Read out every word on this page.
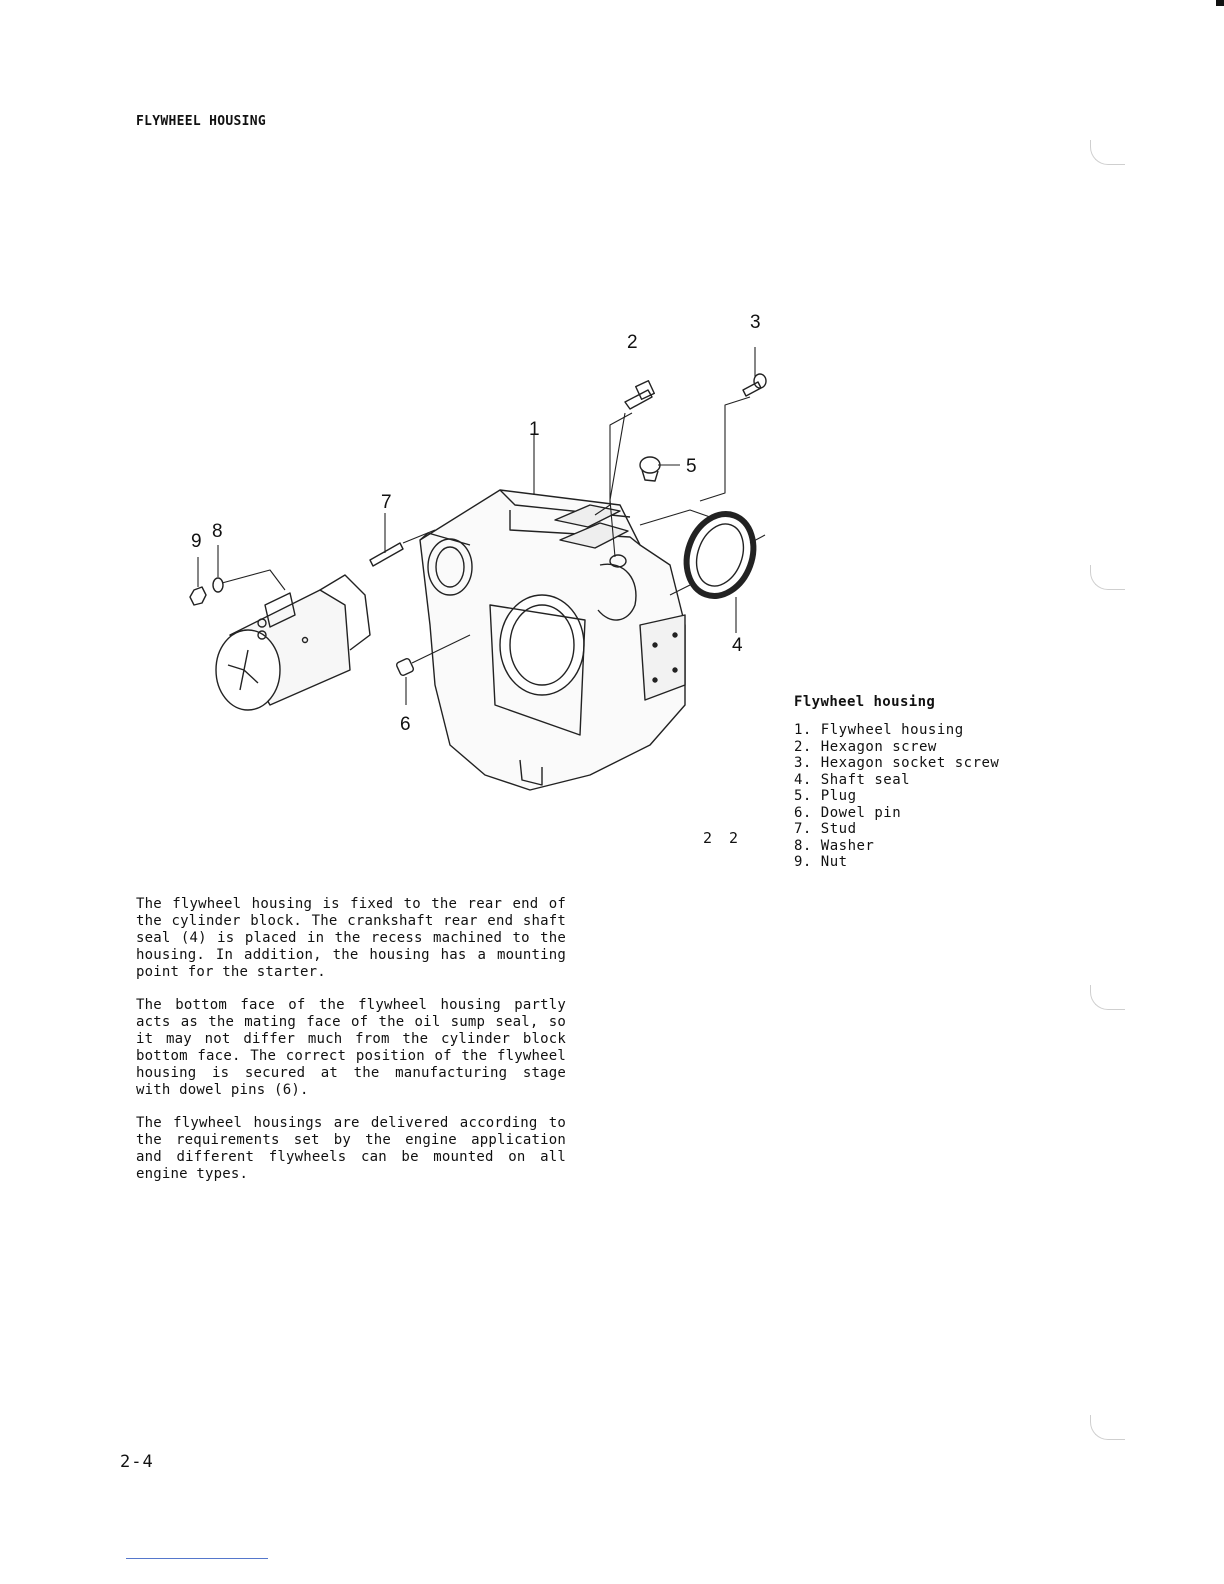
FLYWHEEL HOUSING
1
2
3
4
5
6
7
8
9
2 2
Flywheel housing
1. Flywheel housing
2. Hexagon screw
3. Hexagon socket screw
4. Shaft seal
5. Plug
6. Dowel pin
7. Stud
8. Washer
9. Nut

The flywheel housing is fixed to the rear end of the cylinder block. The crankshaft rear end shaft seal (4) is placed in the recess machined to the housing. In addition, the housing has a mounting point for the starter.

The bottom face of the flywheel housing partly acts as the mating face of the oil sump seal, so it may not differ much from the cylinder block bottom face. The correct position of the flywheel housing is secured at the manufacturing stage with dowel pins (6).

The flywheel housings are delivered according to the requirements set by the engine application and different flywheels can be mounted on all engine types.

2-4
